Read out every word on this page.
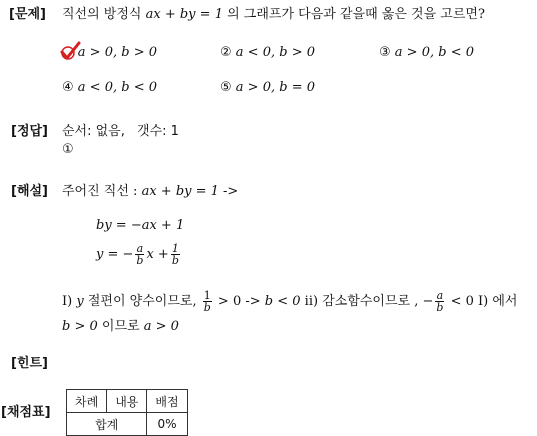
[문제] 직선의 방정식 ax + by = 1 의 그래프가 다음과 같을때 옳은 것을 고르면?
a > 0, b > 0	② a < 0, b > 0	③ a > 0, b < 0
④ a < 0, b < 0	⑤ a > 0, b = 0
[정답] 순서: 없음, 갯수: 1
①
[해설] 주어진 직선 : ax + by = 1 ->
by = −ax + 1
y = − $\frac{a}{b}$ $x + \frac{1}{b}$
I) y 절편이 양수이므로, $\frac{1}{b} > 0 -> b < 0$ ii) 감소함수이므로 , − $\frac{a}{b} < 0$ I) 에서
b > 0 이므로 a > 0
[힌트]
[채점표]
차례	내용	배점
합계		0%
